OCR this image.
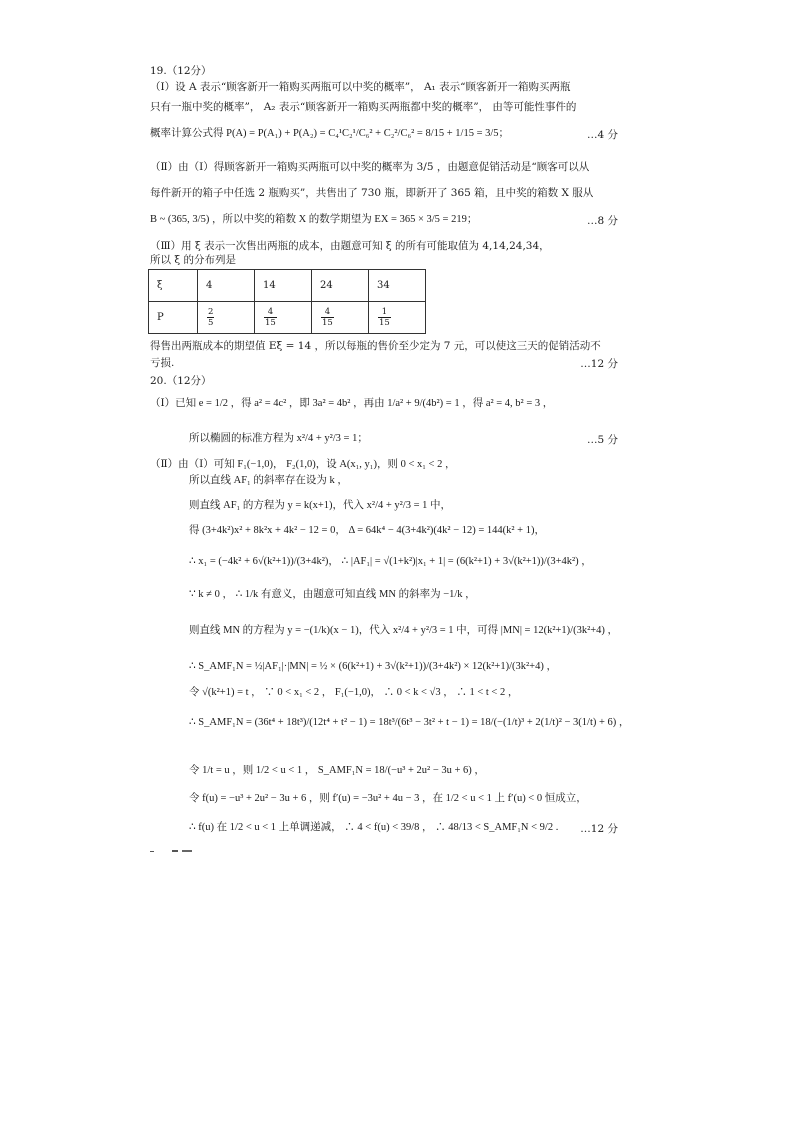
19.（12分）
（Ⅰ）设 A 表示“顾客新开一箱购买两瓶可以中奖的概率”， A₁ 表示“顾客新开一箱购买两瓶
只有一瓶中奖的概率”， A₂ 表示“顾客新开一箱购买两瓶都中奖的概率”， 由等可能性事件的
概率计算公式得 P(A) = P(A₁) + P(A₂) = C₄¹C₂¹/C₆² + C₂²/C₆² = 8/15 + 1/15 = 3/5；	…4 分
（Ⅱ）由（Ⅰ）得顾客新开一箱购买两瓶可以中奖的概率为 3/5 ，由题意促销活动是“顾客可以从
每件新开的箱子中任选 2 瓶购买”，共售出了 730 瓶，即新开了 365 箱，且中奖的箱数 X 服从
B ~ (365, 3/5) ，所以中奖的箱数 X 的数学期望为 EX = 365 × 3/5 = 219；	…8 分
（Ⅲ）用 ξ 表示一次售出两瓶的成本，由题意可知 ξ 的所有可能取值为 4,14,24,34，
所以 ξ 的分布列是
ξ	4	14	24	34
P	$\frac{2}{5}$	$\frac{4}{15}$	$\frac{4}{15}$	$\frac{1}{15}$
得售出两瓶成本的期望值 Eξ = 14 ，所以每瓶的售价至少定为 7 元，可以使这三天的促销活动不
亏损.	…12 分
20.（12分）
（Ⅰ）已知 e = 1/2 ，得 a² = 4c² ，即 3a² = 4b² ，再由 1/a² + 9/(4b²) = 1 ，得 a² = 4, b² = 3 ，
所以椭圆的标准方程为 x²/4 + y²/3 = 1；	…5 分
（Ⅱ）由（Ⅰ）可知 F₁(−1,0)， F₂(1,0)，设 A(x₁, y₁)，则 0 < x₁ < 2 ，
所以直线 AF₁ 的斜率存在设为 k ，
则直线 AF₁ 的方程为 y = k(x+1)，代入 x²/4 + y²/3 = 1 中，
得 (3+4k²)x² + 8k²x + 4k² − 12 = 0， Δ = 64k⁴ − 4(3+4k²)(4k² − 12) = 144(k² + 1)，
∴ x₁ = (−4k² + 6√(k²+1))/(3+4k²)， ∴ |AF₁| = √(1+k²)|x₁ + 1| = (6(k²+1) + 3√(k²+1))/(3+4k²) ，
∵ k ≠ 0 ， ∴ 1/k 有意义，由题意可知直线 MN 的斜率为 −1/k ，
则直线 MN 的方程为 y = −(1/k)(x − 1)，代入 x²/4 + y²/3 = 1 中，可得 |MN| = 12(k²+1)/(3k²+4) ，
∴ S_AMF₁N = ½|AF₁|·|MN| = ½ × (6(k²+1) + 3√(k²+1))/(3+4k²) × 12(k²+1)/(3k²+4) ，
令 √(k²+1) = t ， ∵ 0 < x₁ < 2 ， F₁(−1,0)， ∴ 0 < k < √3 ， ∴ 1 < t < 2 ，
∴ S_AMF₁N = (36t⁴ + 18t³)/(12t⁴ + t² − 1) = 18t³/(6t³ − 3t² + t − 1) = 18/(−(1/t)³ + 2(1/t)² − 3(1/t) + 6) ，
令 1/t = u ，则 1/2 < u < 1 ， S_AMF₁N = 18/(−u³ + 2u² − 3u + 6) ，
令 f(u) = −u³ + 2u² − 3u + 6 ，则 f′(u) = −3u² + 4u − 3 ，在 1/2 < u < 1 上 f′(u) < 0 恒成立，
∴ f(u) 在 1/2 < u < 1 上单调递减， ∴ 4 < f(u) < 39/8 ， ∴ 48/13 < S_AMF₁N < 9/2 . …12 分
